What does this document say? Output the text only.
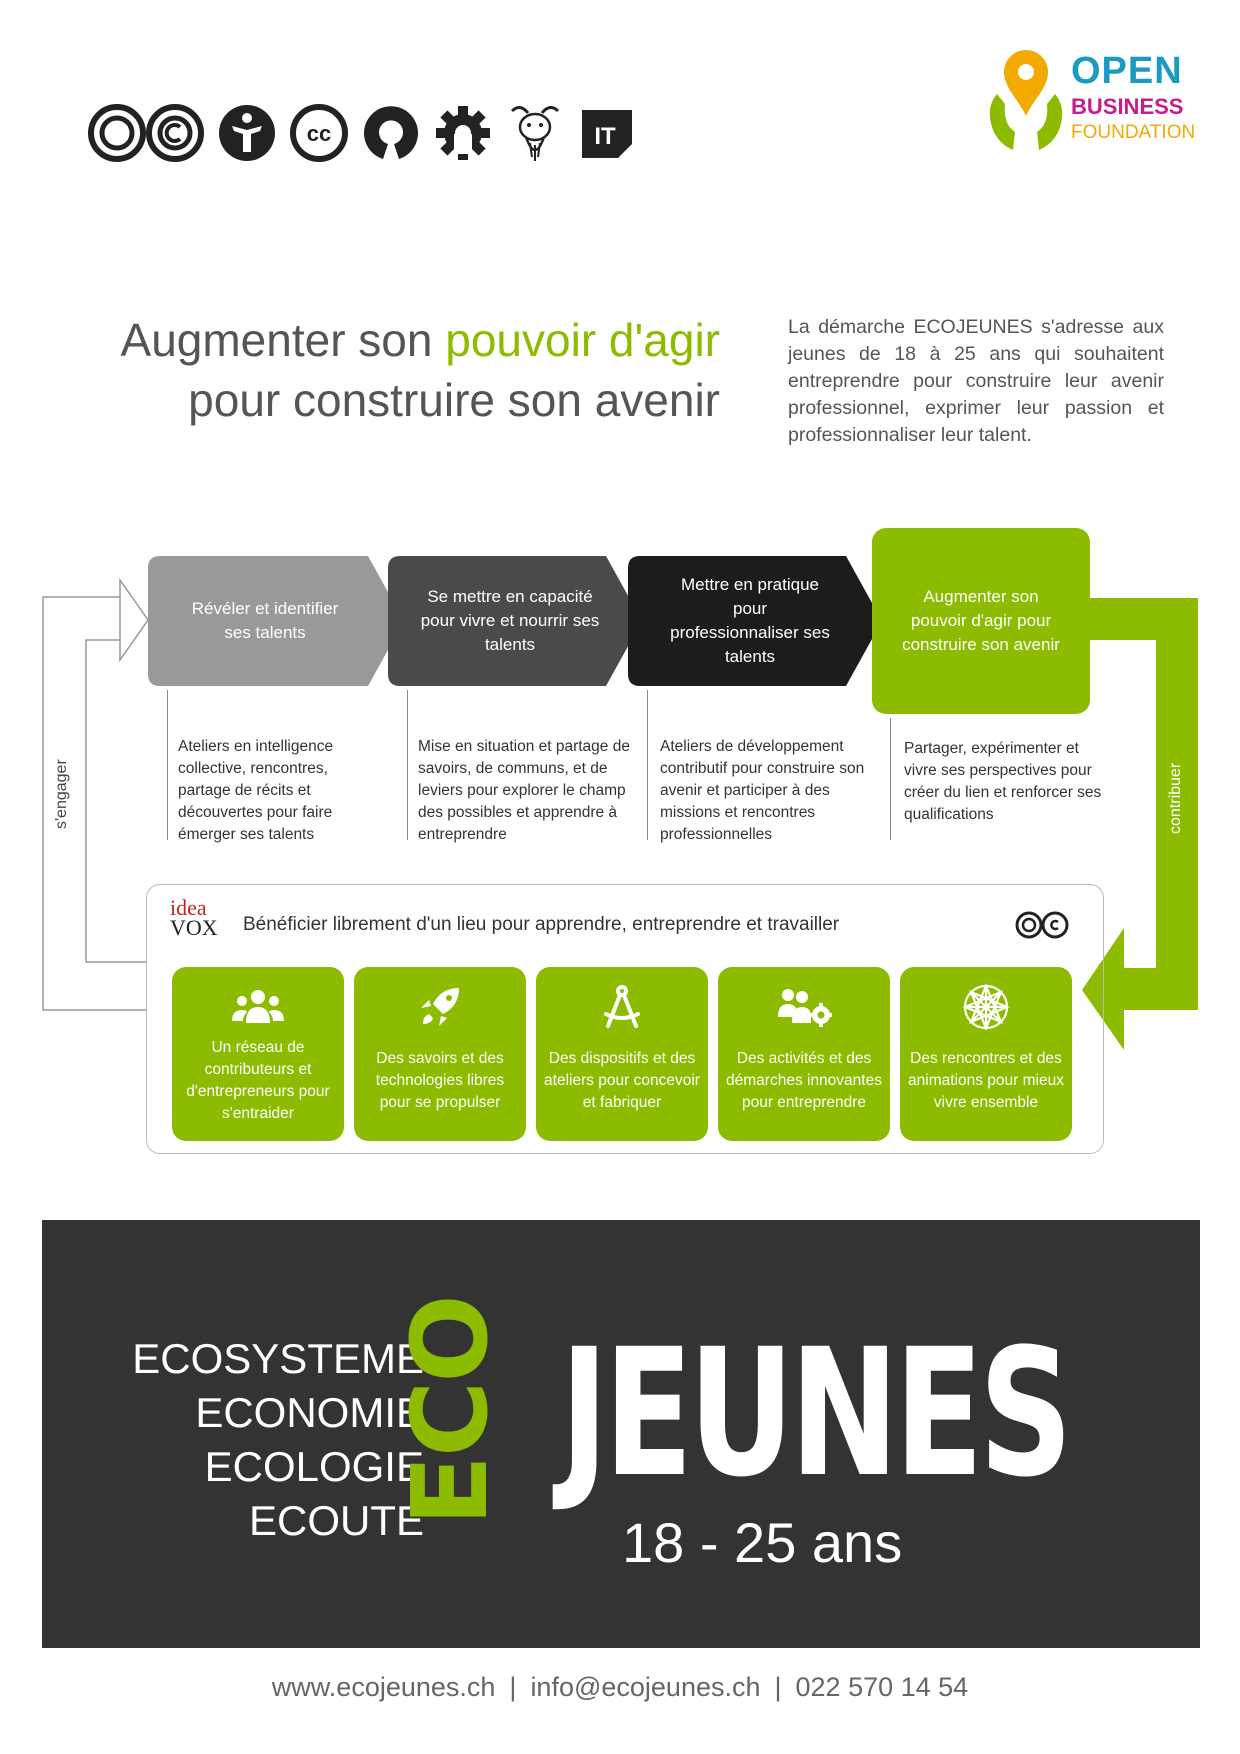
cc	IT
OPEN
BUSINESS
FOUNDATION
Augmenter son pouvoir d'agir
pour construire son avenir
La démarche ECOJEUNES s'adresse aux jeunes de 18 à 25 ans qui souhaitent entreprendre pour construire leur avenir professionnel, exprimer leur passion et professionnaliser leur talent.
s'engager	contribuer
Révéler et identifier ses talents
Se mettre en capacité pour vivre et nourrir ses talents
Mettre en pratique pour professionnaliser ses talents
Augmenter son pouvoir d'agir pour construire son avenir
Ateliers en intelligence collective, rencontres, partage de récits et découvertes pour faire émerger ses talents
Mise en situation et partage de savoirs, de communs, et de leviers pour explorer le champ des possibles et apprendre à entreprendre
Ateliers de développement contributif pour construire son avenir et participer à des missions et rencontres professionnelles
Partager, expérimenter et vivre ses perspectives pour créer du lien et renforcer ses qualifications
idea
VOX Bénéficier librement d'un lieu pour apprendre, entreprendre et travailler
Un réseau de contributeurs et d'entrepreneurs pour s'entraider
Des savoirs et des technologies libres pour se propulser
Des dispositifs et des ateliers pour concevoir et fabriquer
Des activités et des démarches innovantes pour entreprendre
Des rencontres et des animations pour mieux vivre ensemble
ECOSYSTEME
ECONOMIE
ECOLOGIE
ECOUTE
ECO JEUNES
18 - 25 ans
www.ecojeunes.ch | info@ecojeunes.ch | 022 570 14 54
